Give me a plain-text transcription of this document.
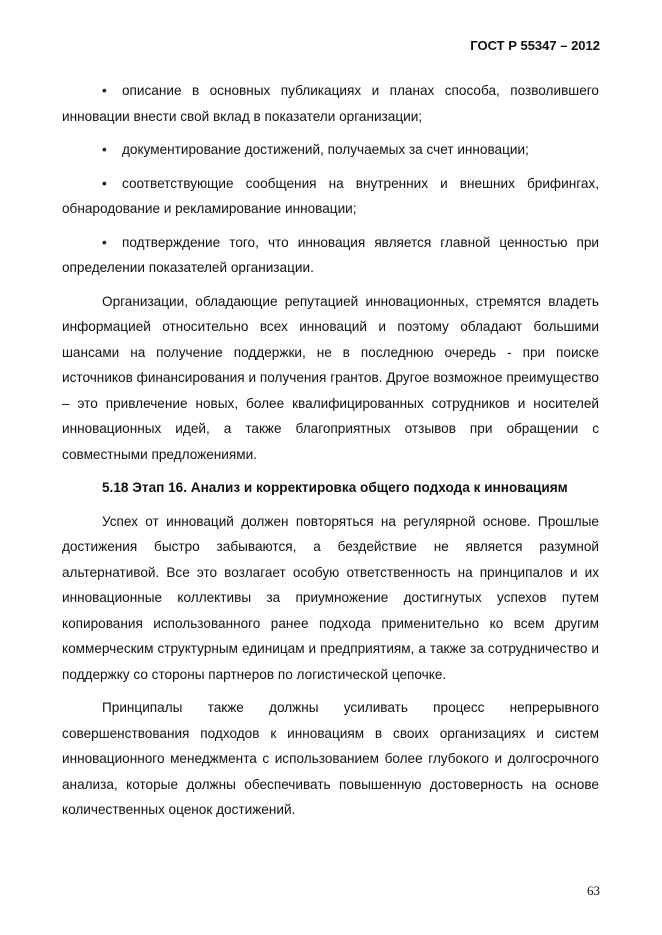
ГОСТ Р 55347 – 2012

• описание в основных публикациях и планах способа, позволившего инновации внести свой вклад в показатели организации;

• документирование достижений, получаемых за счет инновации;

• соответствующие сообщения на внутренних и внешних брифингах, обнародование и рекламирование инновации;

• подтверждение того, что инновация является главной ценностью при определении показателей организации.

Организации, обладающие репутацией инновационных, стремятся владеть информацией относительно всех инноваций и поэтому обладают большими шансами на получение поддержки, не в последнюю очередь - при поиске источников финансирования и получения грантов. Другое возможное преимущество – это привлечение новых, более квалифицированных сотрудников и носителей инновационных идей, а также благоприятных отзывов при обращении с совместными предложениями.

5.18 Этап 16. Анализ и корректировка общего подхода к инновациям

Успех от инноваций должен повторяться на регулярной основе. Прошлые достижения быстро забываются, а бездействие не является разумной альтернативой. Все это возлагает особую ответственность на принципалов и их инновационные коллективы за приумножение достигнутых успехов путем копирования использованного ранее подхода применительно ко всем другим коммерческим структурным единицам и предприятиям, а также за сотрудничество и поддержку со стороны партнеров по логистической цепочке.

Принципалы также должны усиливать процесс непрерывного совершенствования подходов к инновациям в своих организациях и систем инновационного менеджмента с использованием более глубокого и долгосрочного анализа, которые должны обеспечивать повышенную достоверность на основе количественных оценок достижений.

63
